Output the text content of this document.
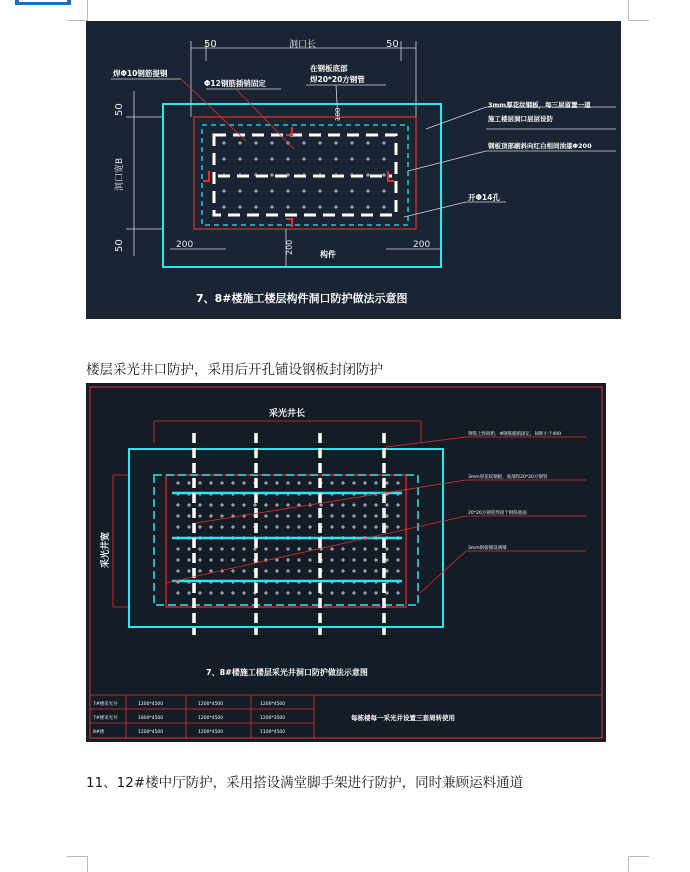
50	洞口长	50
焊Φ10钢筋提钢
Φ12钢筋插销固定
在钢板底部
焊20*20方钢管
3mm厚花纹钢板，每三层留置一道
施工楼层洞口层层设防
钢板顶部刷斜向红白相间油漆Φ200
开Φ14孔
50
洞口宽B
50
100
200	200	200
构件
7、8#楼施工楼层构件洞口防护做法示意图
楼层采光井口防护，采用后开孔铺设钢板封闭防护
采光井长
采光井宽
钢筋上焊间距，Φ钢筋插销固定，间距小于400
3mm厚花纹钢板，底部焊20*20方钢管
20*20方钢管焊接于钢筋底面
3mm钢板铺设满铺
7、8#楼施工楼层采光井洞口防护做法示意图
7#楼采光井	1200*4500	1200*4500	1200*4500
7#楼采光井	1800*4500	1200*4500	1200*3500
8#楼	1200*4500	1200*4500	1100*4500
每栋楼每一采光井设置三套周转使用
11、12#楼中厅防护，采用搭设满堂脚手架进行防护，同时兼顾运料通道
